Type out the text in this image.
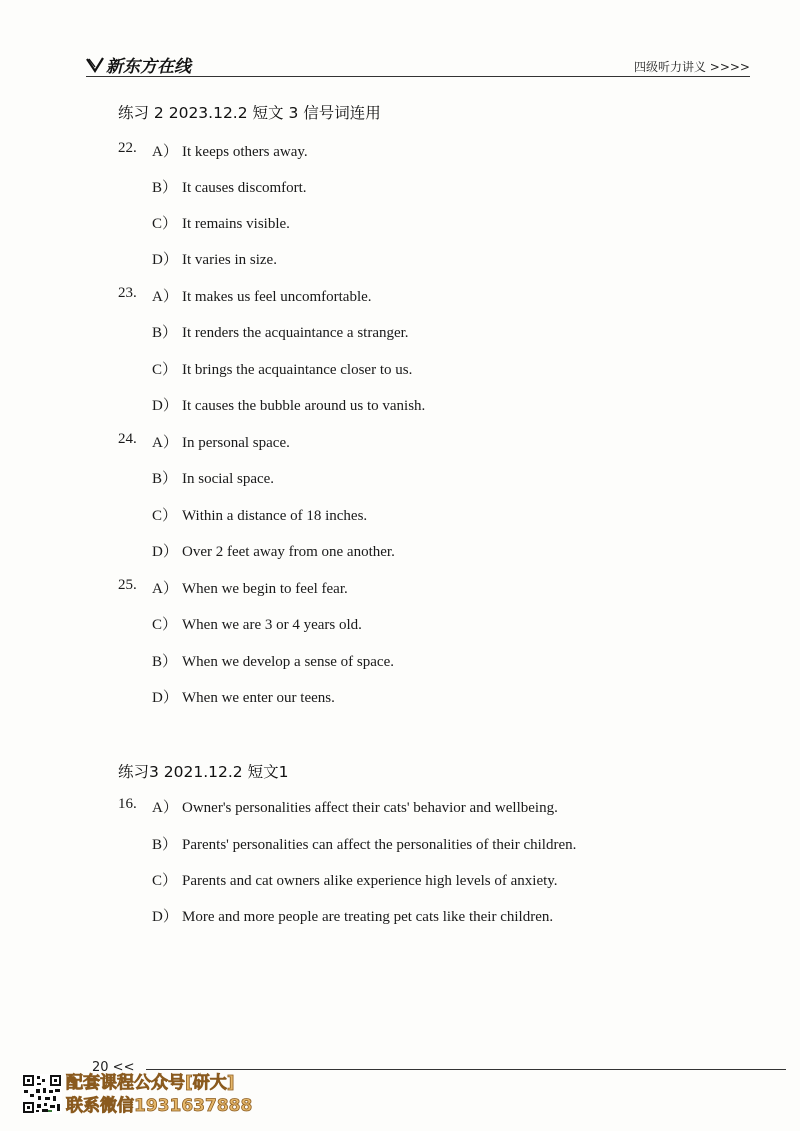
新东方在线	四级听力讲义 >>>>
练习 2 2023.12.2 短文 3 信号词连用
22. A） It keeps others away.
B） It causes discomfort.
C） It remains visible.
D） It varies in size.
23. A） It makes us feel uncomfortable.
B） It renders the acquaintance a stranger.
C） It brings the acquaintance closer to us.
D） It causes the bubble around us to vanish.
24. A） In personal space.
B） In social space.
C） Within a distance of 18 inches.
D） Over 2 feet away from one another.
25. A） When we begin to feel fear.
C） When we are 3 or 4 years old.
B） When we develop a sense of space.
D） When we enter our teens.
练习3 2021.12.2 短文1
16. A） Owner's personalities affect their cats' behavior and wellbeing.
B） Parents' personalities can affect the personalities of their children.
C） Parents and cat owners alike experience high levels of anxiety.
D） More and more people are treating pet cats like their children.
20 <<
配套课程公众号[研大]
联系微信1931637888
